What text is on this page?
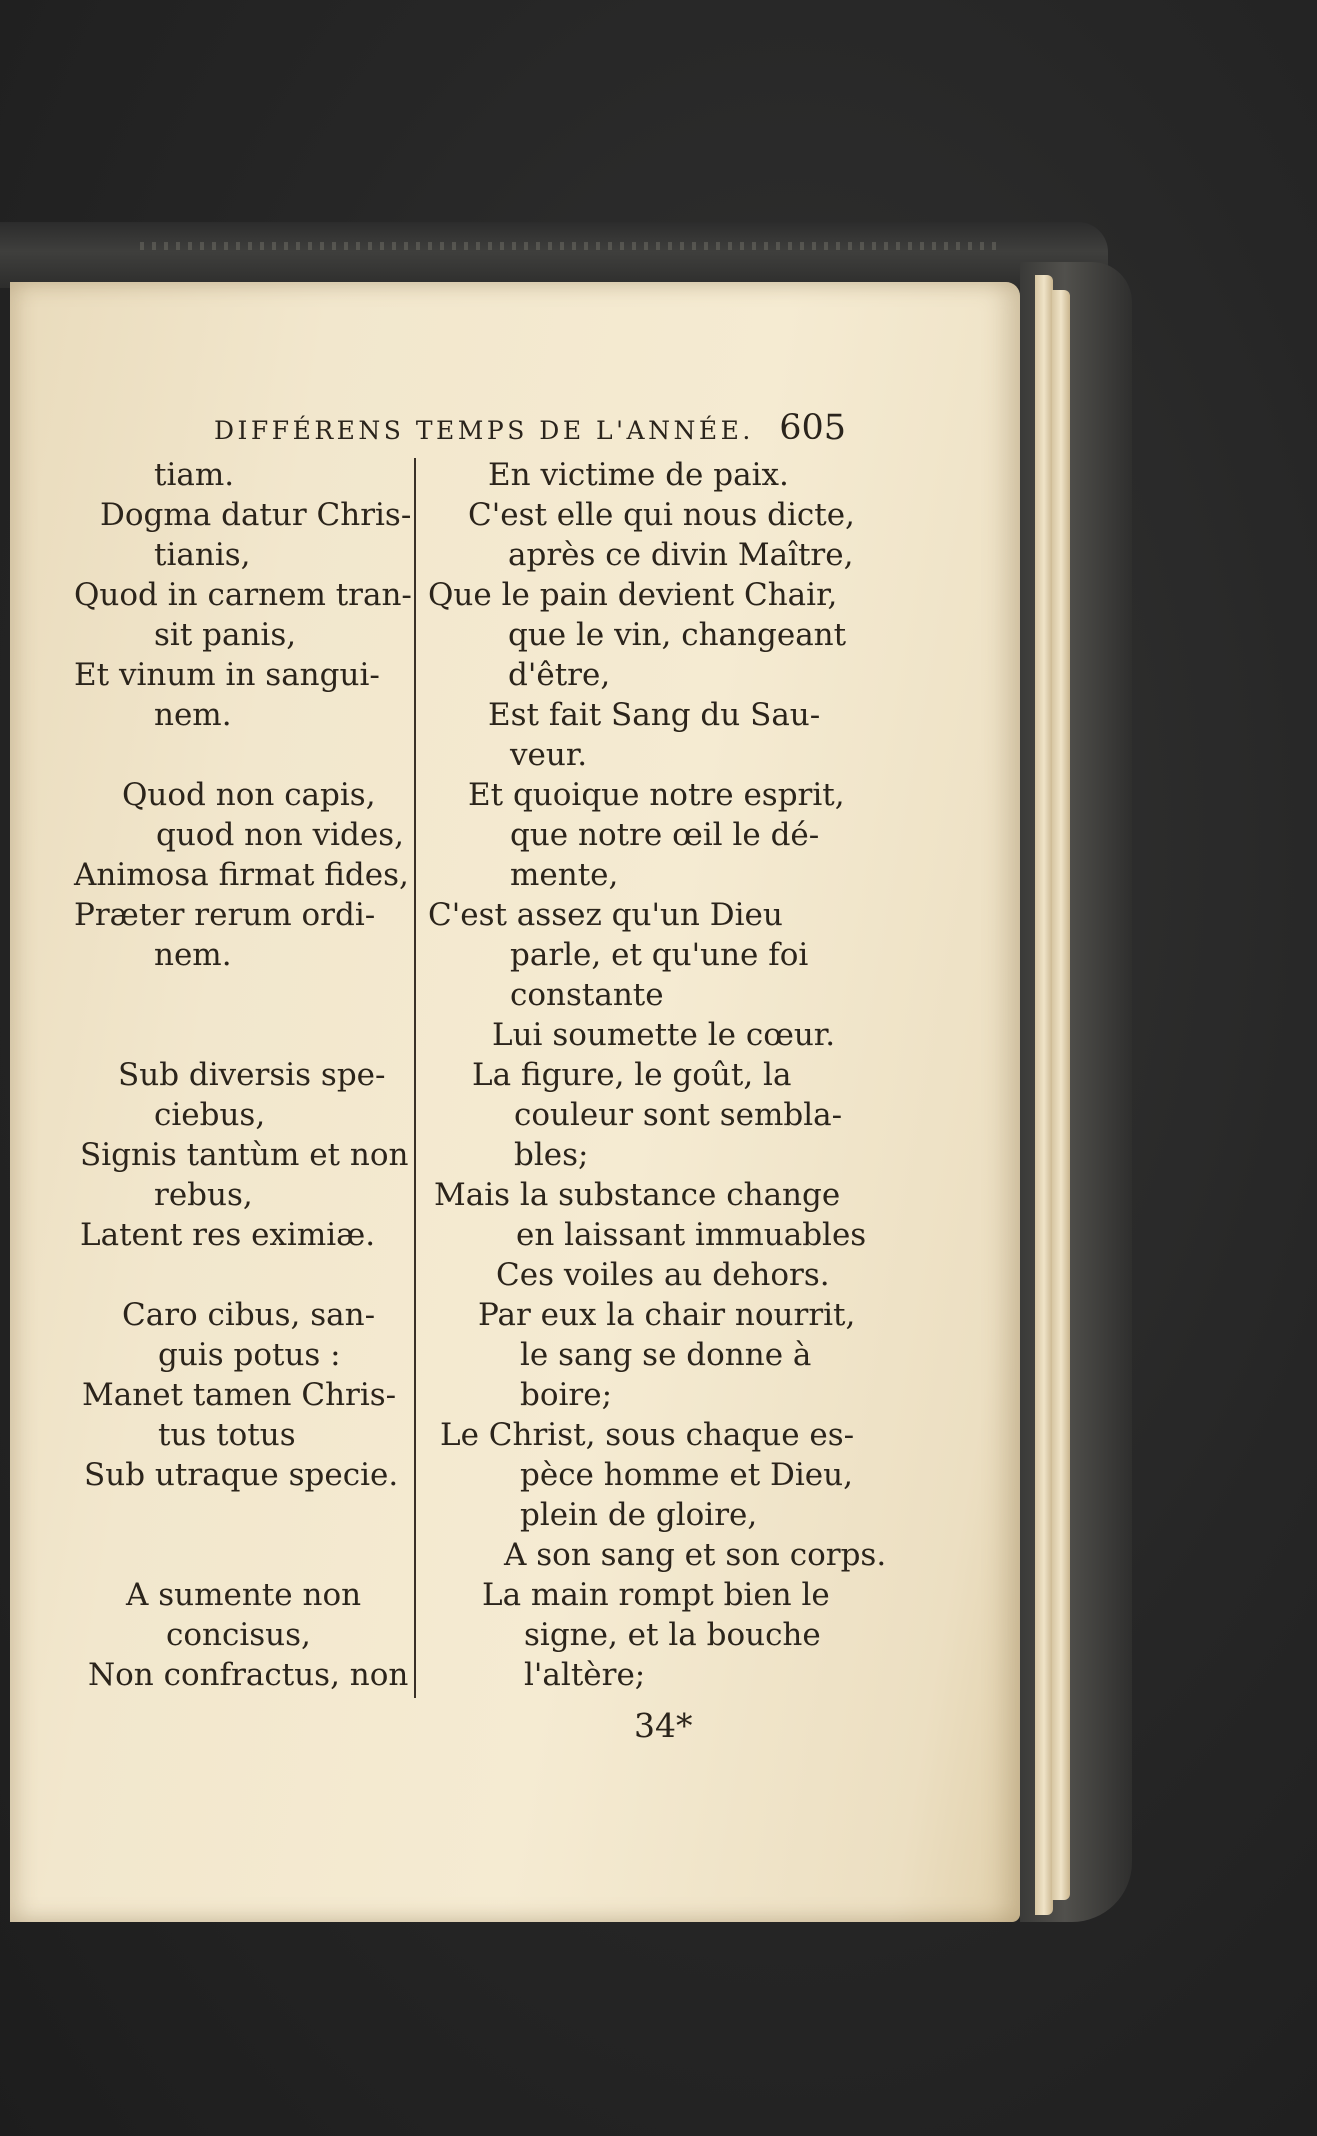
DIFFÉRENS TEMPS DE L'ANNÉE. 605
tiam.
Dogma datur Chris-
tianis,
Quod in carnem tran-
sit panis,
Et vinum in sangui-
nem.
Quod non capis,
quod non vides,
Animosa firmat fides,
Præter rerum ordi-
nem.
Sub diversis spe-
ciebus,
Signis tantùm et non
rebus,
Latent res eximiæ.
Caro cibus, san-
guis potus :
Manet tamen Chris-
tus totus
Sub utraque specie.
A sumente non
concisus,
Non confractus, non
En victime de paix.
C'est elle qui nous dicte,
après ce divin Maître,
Que le pain devient Chair,
que le vin, changeant
d'être,
Est fait Sang du Sau-
veur.
Et quoique notre esprit,
que notre œil le dé-
mente,
C'est assez qu'un Dieu
parle, et qu'une foi
constante
Lui soumette le cœur.
La figure, le goût, la
couleur sont sembla-
bles;
Mais la substance change
en laissant immuables
Ces voiles au dehors.
Par eux la chair nourrit,
le sang se donne à
boire;
Le Christ, sous chaque es-
pèce homme et Dieu,
plein de gloire,
A son sang et son corps.
La main rompt bien le
signe, et la bouche
l'altère;
34*
